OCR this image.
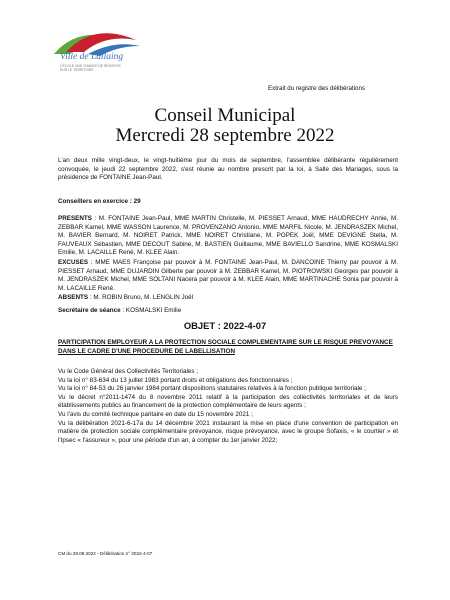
Ville de Lallaing
L'ÉCOLE UNE CHANCE DE RÉUSSITE SUR LE TERRITOIRE
Extrait du registre des délibérations
Conseil Municipal
Mercredi 28 septembre 2022

L'an deux mille vingt-deux, le vingt-huitième jour du mois de septembre, l'assemblée délibérante régulièrement convoquée, le jeudi 22 septembre 2022, s'est réunie au nombre prescrit par la loi, à Salle des Mariages, sous la présidence de FONTAINE Jean-Paul.

Conseillers en exercice : 29

PRESENTS : M. FONTAINE Jean-Paul, MME MARTIN Christelle, M. PIESSET Arnaud, MME HAUDRECHY Annie, M. ZEBBAR Kamel, MME WASSON Laurence, M. PROVENZANO Antonio, MME MARFIL Nicole, M. JENDRASZEK Michel, M. BAVIER Bernard, M. NOIRET Patrick, MME NOIRET Christiane, M. POPEK Joël, MME DEVIGNE Stella, M. FAUVEAUX Sébastien, MME DECOUT Sabine, M. BASTIEN Guillaume, MME BAVIELLO Sandrine, MME KOSMALSKI Emilie, M. LACAILLE René, M. KLEE Alain.

EXCUSES : MME MAES Françoise par pouvoir à M. FONTAINE Jean-Paul, M. DANCOINE Thierry par pouvoir à M. PIESSET Arnaud, MME DUJARDIN Gilberte par pouvoir à M. ZEBBAR Kamel, M. PIOTROWSKI Georges par pouvoir à M. JENDRASZEK Michel, MME SOLTANI Nacera par pouvoir à M. KLEE Alain, MME MARTINACHE Sonia par pouvoir à M. LACAILLE René.

ABSENTS : M. ROBIN Bruno, M. LENGLIN Joël

Secrétaire de séance : KOSMALSKI Emilie

OBJET : 2022-4-07
PARTICIPATION EMPLOYEUR A LA PROTECTION SOCIALE COMPLEMENTAIRE SUR LE RISQUE PREVOYANCE DANS LE CADRE D'UNE PROCEDURE DE LABELLISATION
Vu le Code Général des Collectivités Territoriales ;
Vu la loi n° 83-634 du 13 juillet 1983 portant droits et obligations des fonctionnaires ;
Vu la loi n° 84-53 du 26 janvier 1984 portant dispositions statutaires relatives à la fonction publique territoriale ;
Vu le décret n°2011-1474 du 8 novembre 2011 relatif à la participation des collectivités territoriales et de leurs établissements publics au financement de la protection complémentaire de leurs agents ;
Vu l'avis du comité technique paritaire en date du 15 novembre 2021 ;
Vu la délibération 2021-6-17a du 14 décembre 2021 instaurant la mise en place d'une convention de participation en matière de protection sociale complémentaire prévoyance, risque prévoyance, avec le groupe Sofaxis, « le courtier » et l'Ipsec « l'assureur », pour une période d'un an, à compter du 1er janvier 2022;
CM du 28.09.2022 - Délibération n° 2022-4-07
